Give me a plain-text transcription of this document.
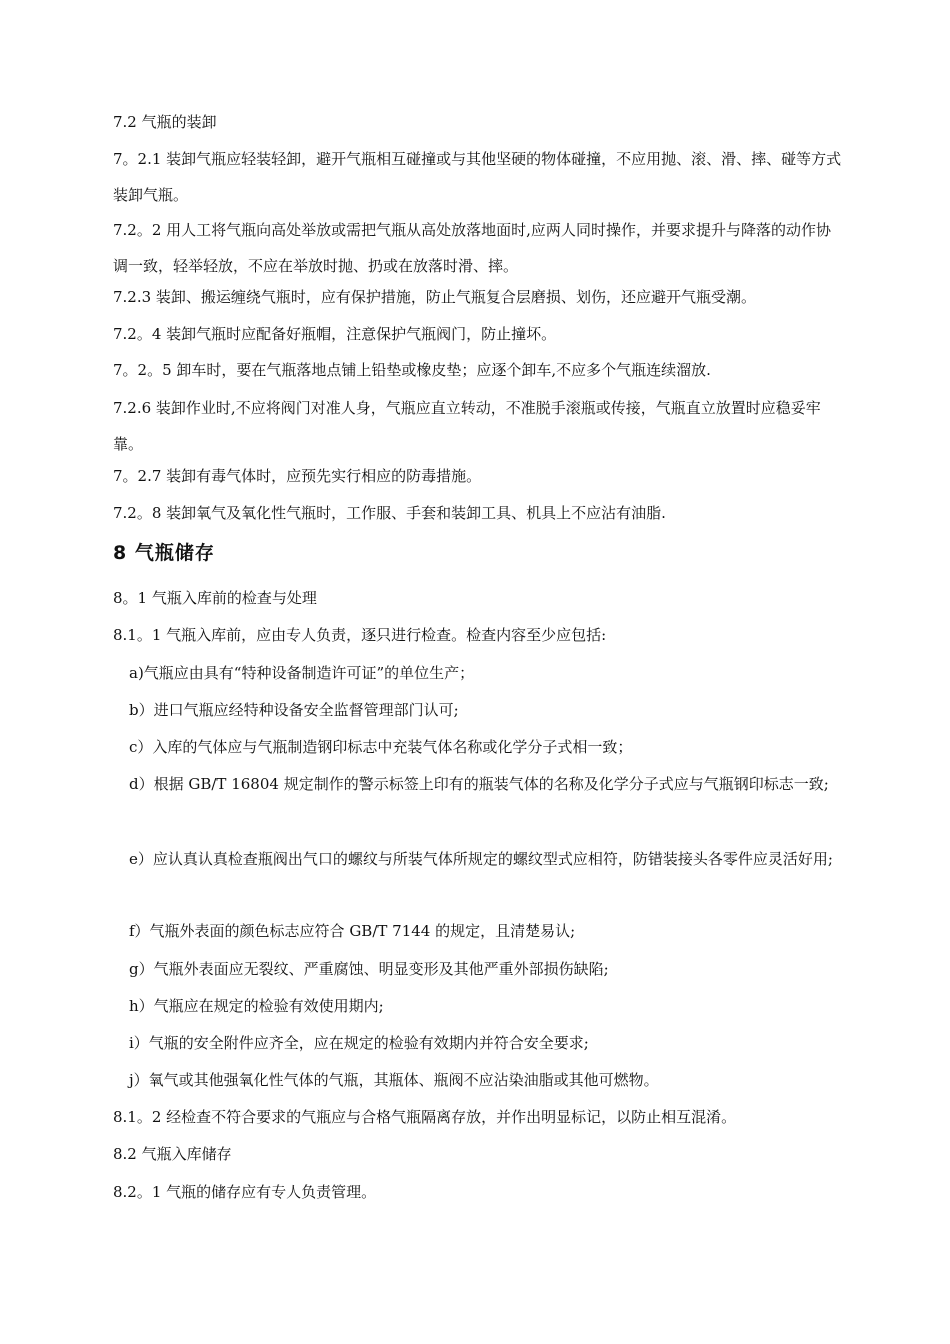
7.2 气瓶的装卸

7。2.1 装卸气瓶应轻装轻卸，避开气瓶相互碰撞或与其他坚硬的物体碰撞，不应用抛、滚、滑、摔、碰等方式装卸气瓶。

7.2。2 用人工将气瓶向高处举放或需把气瓶从高处放落地面时,应两人同时操作，并要求提升与降落的动作协调一致，轻举轻放，不应在举放时抛、扔或在放落时滑、摔。

7.2.3 装卸、搬运缠绕气瓶时，应有保护措施，防止气瓶复合层磨损、划伤，还应避开气瓶受潮。

7.2。4 装卸气瓶时应配备好瓶帽，注意保护气瓶阀门，防止撞坏。

7。2。5 卸车时，要在气瓶落地点铺上铅垫或橡皮垫；应逐个卸车,不应多个气瓶连续溜放.

7.2.6 装卸作业时,不应将阀门对准人身，气瓶应直立转动，不准脱手滚瓶或传接，气瓶直立放置时应稳妥牢靠。

7。2.7 装卸有毒气体时，应预先实行相应的防毒措施。

7.2。8 装卸氧气及氧化性气瓶时，工作服、手套和装卸工具、机具上不应沾有油脂.

8 气瓶储存

8。1 气瓶入库前的检查与处理

8.1。1 气瓶入库前，应由专人负责，逐只进行检查。检查内容至少应包括:

a)气瓶应由具有“特种设备制造许可证”的单位生产；

b）进口气瓶应经特种设备安全监督管理部门认可;

c）入库的气体应与气瓶制造钢印标志中充装气体名称或化学分子式相一致；

d）根据 GB/T 16804 规定制作的警示标签上印有的瓶装气体的名称及化学分子式应与气瓶钢印标志一致;

e）应认真认真检查瓶阀出气口的螺纹与所装气体所规定的螺纹型式应相符，防错装接头各零件应灵活好用;

f）气瓶外表面的颜色标志应符合 GB/T 7144 的规定，且清楚易认;

g）气瓶外表面应无裂纹、严重腐蚀、明显变形及其他严重外部损伤缺陷;

h）气瓶应在规定的检验有效使用期内;

i）气瓶的安全附件应齐全，应在规定的检验有效期内并符合安全要求;

j）氧气或其他强氧化性气体的气瓶，其瓶体、瓶阀不应沾染油脂或其他可燃物。

8.1。2 经检查不符合要求的气瓶应与合格气瓶隔离存放，并作出明显标记，以防止相互混淆。

8.2 气瓶入库储存

8.2。1 气瓶的储存应有专人负责管理。
